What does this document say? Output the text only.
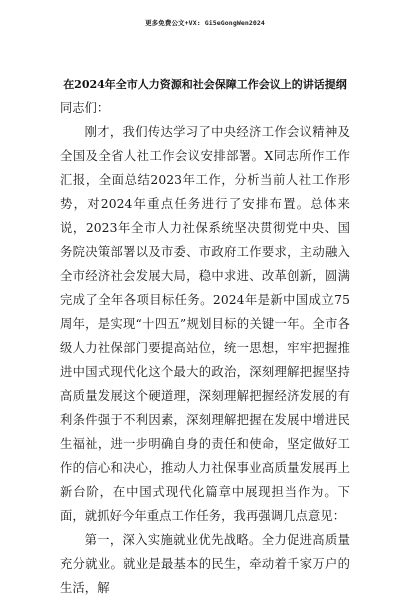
更多免费公文+VX: Gi5eGongWen2024
在2024年全市人力资源和社会保障工作会议上的讲话提纲

同志们：

刚才，我们传达学习了中央经济工作会议精神及全国及全省人社工作会议安排部署。X同志所作工作汇报，全面总结2023年工作，分析当前人社工作形势，对2024年重点任务进行了安排布置。总体来说，2023年全市人力社保系统坚决贯彻党中央、国务院决策部署以及市委、市政府工作要求，主动融入全市经济社会发展大局，稳中求进、改革创新，圆满完成了全年各项目标任务。2024年是新中国成立75周年，是实现“十四五”规划目标的关键一年。全市各级人力社保部门要提高站位，统一思想，牢牢把握推进中国式现代化这个最大的政治，深刻理解把握坚持高质量发展这个硬道理，深刻理解把握经济发展的有利条件强于不利因素，深刻理解把握在发展中增进民生福祉，进一步明确自身的责任和使命，坚定做好工作的信心和决心，推动人力社保事业高质量发展再上新台阶，在中国式现代化篇章中展现担当作为。下面，就抓好今年重点工作任务，我再强调几点意见：

第一，深入实施就业优先战略。全力促进高质量充分就业。就业是最基本的民生，牵动着千家万户的生活，解
